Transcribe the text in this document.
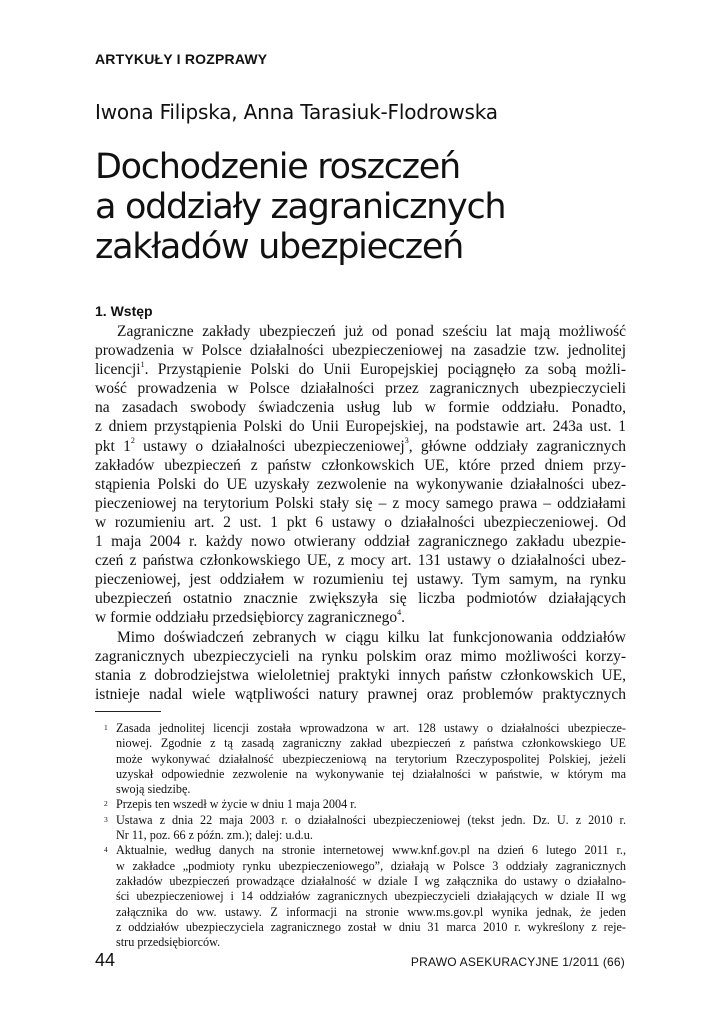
ARTYKUŁY I ROZPRAWY
Iwona Filipska, Anna Tarasiuk-Flodrowska
Dochodzenie roszczeń
a oddziały zagranicznych
zakładów ubezpieczeń
1. Wstęp
Zagraniczne zakłady ubezpieczeń już od ponad sześciu lat mają możliwość
prowadzenia w Polsce działalności ubezpieczeniowej na zasadzie tzw. jednolitej
licencji$^1$. Przystąpienie Polski do Unii Europejskiej pociągnęło za sobą możli-
wość prowadzenia w Polsce działalności przez zagranicznych ubezpieczycieli
na zasadach swobody świadczenia usług lub w formie oddziału. Ponadto,
z dniem przystąpienia Polski do Unii Europejskiej, na podstawie art. 243a ust. 1
pkt $1^2$ ustawy o działalności ubezpieczeniowej$^3$, główne oddziały zagranicznych
zakładów ubezpieczeń z państw członkowskich UE, które przed dniem przy-
stąpienia Polski do UE uzyskały zezwolenie na wykonywanie działalności ubez-
pieczeniowej na terytorium Polski stały się – z mocy samego prawa – oddziałami
w rozumieniu art. 2 ust. 1 pkt 6 ustawy o działalności ubezpieczeniowej. Od
1 maja 2004 r. każdy nowo otwierany oddział zagranicznego zakładu ubezpie-
czeń z państwa członkowskiego UE, z mocy art. 131 ustawy o działalności ubez-
pieczeniowej, jest oddziałem w rozumieniu tej ustawy. Tym samym, na rynku
ubezpieczeń ostatnio znacznie zwiększyła się liczba podmiotów działających
w formie oddziału przedsiębiorcy zagranicznego$^4$.
Mimo doświadczeń zebranych w ciągu kilku lat funkcjonowania oddziałów
zagranicznych ubezpieczycieli na rynku polskim oraz mimo możliwości korzy-
stania z dobrodziejstwa wieloletniej praktyki innych państw członkowskich UE,
istnieje nadal wiele wątpliwości natury prawnej oraz problemów praktycznych
1 Zasada jednolitej licencji została wprowadzona w art. 128 ustawy o działalności ubezpiecze-
niowej. Zgodnie z tą zasadą zagraniczny zakład ubezpieczeń z państwa członkowskiego UE
może wykonywać działalność ubezpieczeniową na terytorium Rzeczypospolitej Polskiej, jeżeli
uzyskał odpowiednie zezwolenie na wykonywanie tej działalności w państwie, w którym ma
swoją siedzibę.
2 Przepis ten wszedł w życie w dniu 1 maja 2004 r.
3 Ustawa z dnia 22 maja 2003 r. o działalności ubezpieczeniowej (tekst jedn. Dz. U. z 2010 r.
Nr 11, poz. 66 z późn. zm.); dalej: u.d.u.
4 Aktualnie, według danych na stronie internetowej www.knf.gov.pl na dzień 6 lutego 2011 r.,
w zakładce „podmioty rynku ubezpieczeniowego”, działają w Polsce 3 oddziały zagranicznych
zakładów ubezpieczeń prowadzące działalność w dziale I wg załącznika do ustawy o działalno-
ści ubezpieczeniowej i 14 oddziałów zagranicznych ubezpieczycieli działających w dziale II wg
załącznika do ww. ustawy. Z informacji na stronie www.ms.gov.pl wynika jednak, że jeden
z oddziałów ubezpieczyciela zagranicznego został w dniu 31 marca 2010 r. wykreślony z reje-
stru przedsiębiorców.
44	PRAWO ASEKURACYJNE 1/2011 (66)
